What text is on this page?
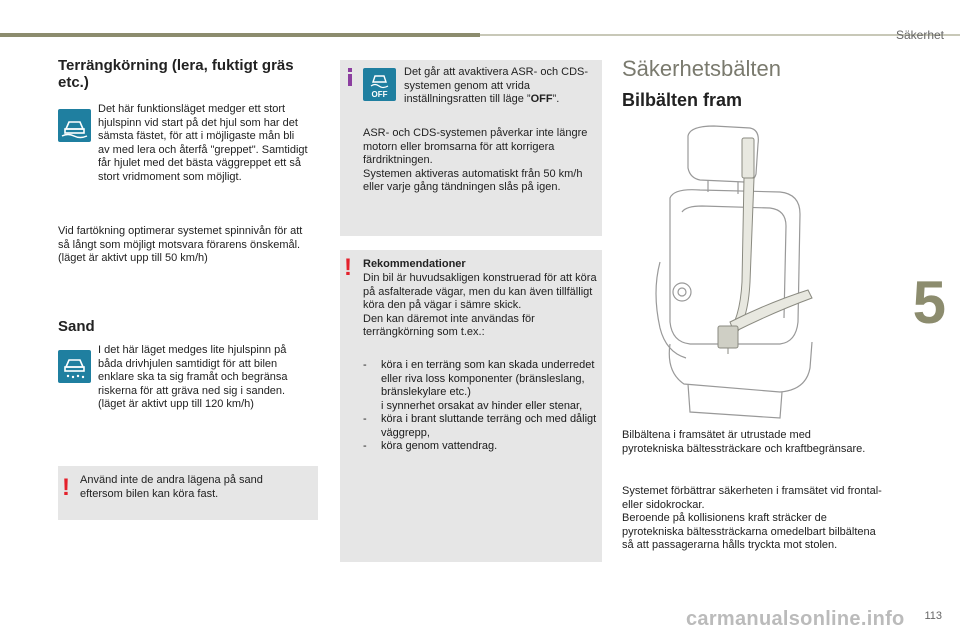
Säkerhet
5
Terrängkörning (lera, fuktigt gräs etc.)
Det här funktionsläget medger ett stort hjulspinn vid start på det hjul som har det sämsta fästet, för att i möjligaste mån bli av med lera och återfå "greppet". Samtidigt får hjulet med det bästa väggreppet ett så stort vridmoment som möjligt.
Vid fartökning optimerar systemet spinnivån för att så långt som möjligt motsvara förarens önskemål.
(läget är aktivt upp till 50 km/h)
Sand
I det här läget medges lite hjulspinn på båda drivhjulen samtidigt för att bilen enklare ska ta sig framåt och begränsa riskerna för att gräva ned sig i sanden.
(läget är aktivt upp till 120 km/h)
! Använd inte de andra lägena på sand eftersom bilen kan köra fast.
OFF
Det går att avaktivera ASR- och CDS-systemen genom att vrida inställningsratten till läge ”OFF”.
ASR- och CDS-systemen påverkar inte längre motorn eller bromsarna för att korrigera färdriktningen.
Systemen aktiveras automatiskt från 50 km/h eller varje gång tändningen slås på igen.
! Rekommendationer
Din bil är huvudsakligen konstruerad för att köra på asfalterade vägar, men du kan även tillfälligt köra den på vägar i sämre skick.
Den kan däremot inte användas för terrängkörning som t.ex.:
- köra i en terräng som kan skada underredet eller riva loss komponenter (bränsleslang, bränslekylare etc.)
i synnerhet orsakat av hinder eller stenar,
- köra i brant sluttande terräng och med dåligt väggrepp,
- köra genom vattendrag.
Säkerhetsbälten
Bilbälten fram
Bilbältena i framsätet är utrustade med pyrotekniska bältessträckare och kraftbegränsare.
Systemet förbättrar säkerheten i framsätet vid frontal- eller sidokrockar.
Beroende på kollisionens kraft sträcker de pyrotekniska bältessträckarna omedelbart bilbältena så att passagerarna hålls tryckta mot stolen.
carmanualsonline.info 113
